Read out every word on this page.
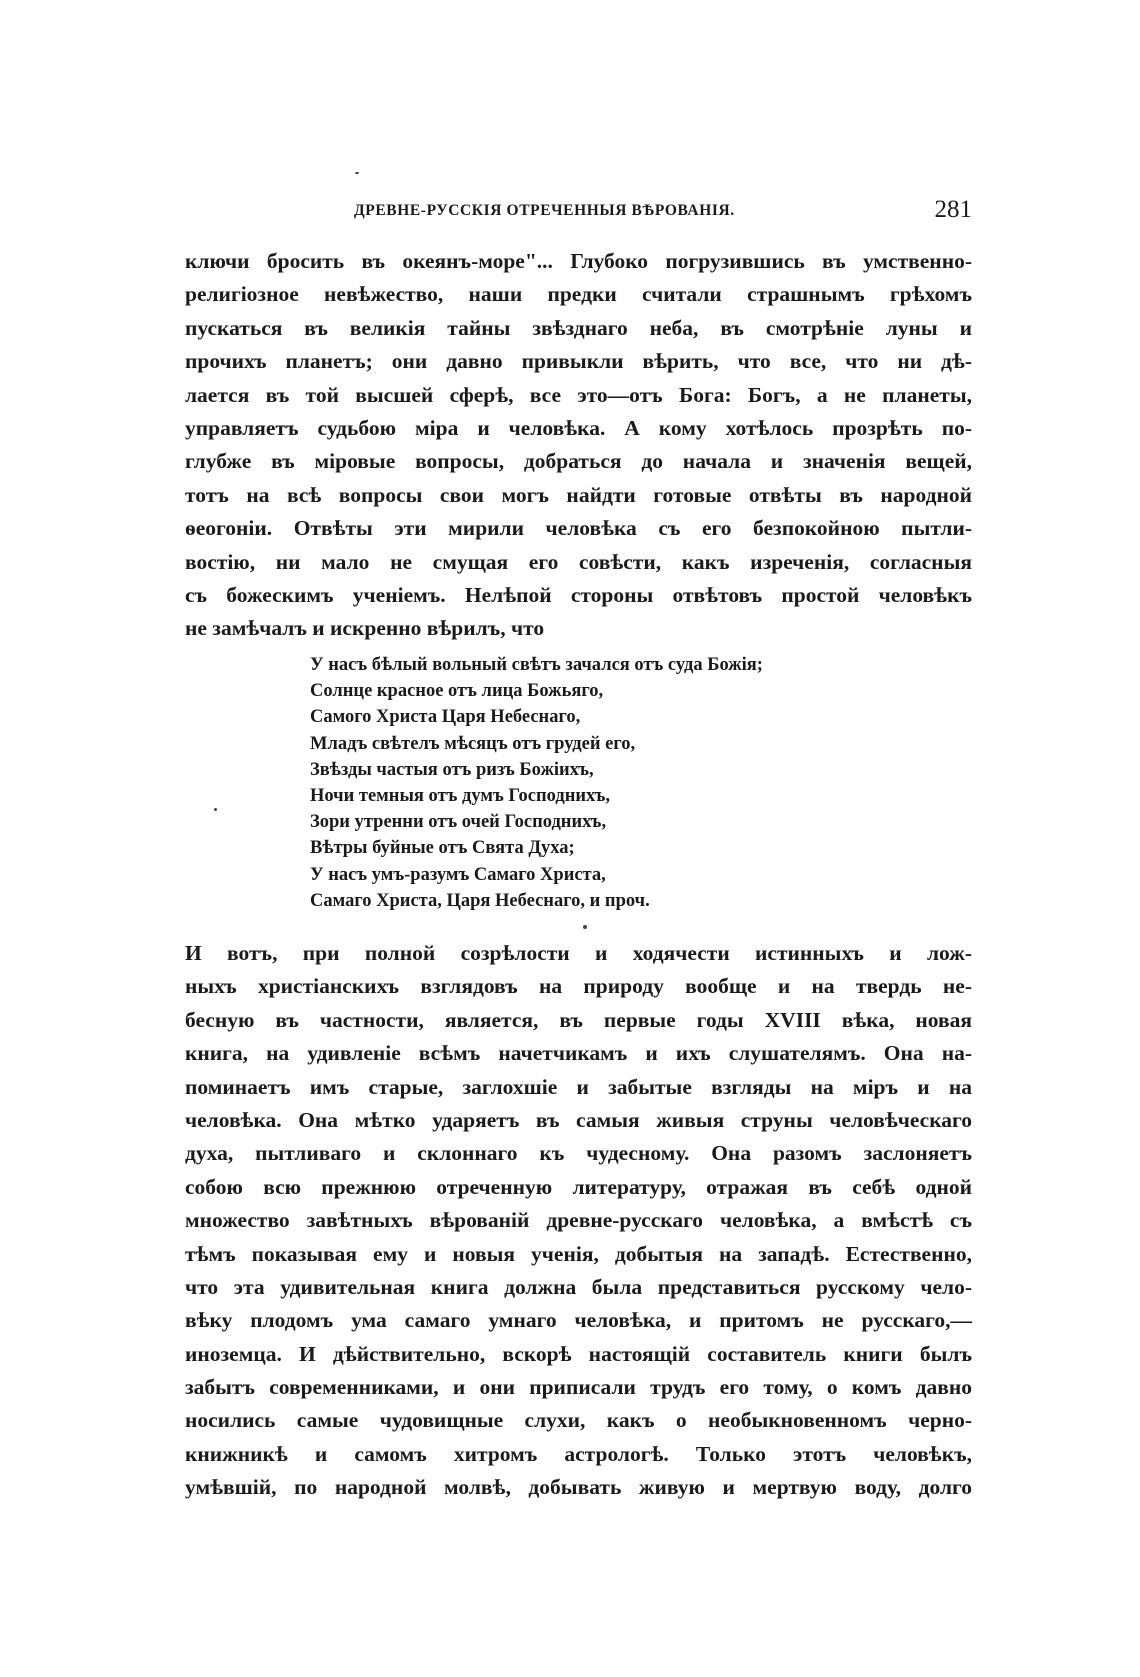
ДРЕВНЕ-РУССКІЯ ОТРЕЧЕННЫЯ ВѢРОВАНІЯ.	281
ключи бросить въ океянъ-море"... Глубоко погрузившись въ умственно-
религіозное невѣжество, наши предки считали страшнымъ грѣхомъ
пускаться въ великія тайны звѣзднаго неба, въ смотрѣніе луны и
прочихъ планетъ; они давно привыкли вѣрить, что все, что ни дѣ-
лается въ той высшей сферѣ, все это—отъ Бога: Богъ, а не планеты,
управляетъ судьбою міра и человѣка. А кому хотѣлось прозрѣть по-
глубже въ міровые вопросы, добраться до начала и значенія вещей,
тотъ на всѣ вопросы свои могъ найдти готовые отвѣты въ народной
ѳеогоніи. Отвѣты эти мирили человѣка съ его безпокойною пытли-
востію, ни мало не смущая его совѣсти, какъ изреченія, согласныя
съ божескимъ ученіемъ. Нелѣпой стороны отвѣтовъ простой человѣкъ
не замѣчалъ и искренно вѣрилъ, что
У насъ бѣлый вольный свѣтъ зачался отъ суда Божія;
Солнце красное отъ лица Божьяго,
Самого Христа Царя Небеснаго,
Младъ свѣтелъ мѣсяцъ отъ грудей его,
Звѣзды частыя отъ ризъ Божіихъ,
Ночи темныя отъ думъ Господнихъ,
Зори утренни отъ очей Господнихъ,
Вѣтры буйные отъ Свята Духа;
У насъ умъ-разумъ Самаго Христа,
Самаго Христа, Царя Небеснаго, и проч.
И вотъ, при полной созрѣлости и ходячести истинныхъ и лож-
ныхъ христіанскихъ взглядовъ на природу вообще и на твердь не-
бесную въ частности, является, въ первые годы XVIII вѣка, новая
книга, на удивленіе всѣмъ начетчикамъ и ихъ слушателямъ. Она на-
поминаетъ имъ старые, заглохшіе и забытые взгляды на міръ и на
человѣка. Она мѣтко ударяетъ въ самыя живыя струны человѣческаго
духа, пытливаго и склоннаго къ чудесному. Она разомъ заслоняетъ
собою всю прежнюю отреченную литературу, отражая въ себѣ одной
множество завѣтныхъ вѣрованій древне-русскаго человѣка, а вмѣстѣ съ
тѣмъ показывая ему и новыя ученія, добытыя на западѣ. Естественно,
что эта удивительная книга должна была представиться русскому чело-
вѣку плодомъ ума самаго умнаго человѣка, и притомъ не русскаго,—
иноземца. И дѣйствительно, вскорѣ настоящій составитель книги былъ
забытъ современниками, и они приписали трудъ его тому, о комъ давно
носились самые чудовищные слухи, какъ о необыкновенномъ черно-
книжникѣ и самомъ хитромъ астрологѣ. Только этотъ человѣкъ,
умѣвшій, по народной молвѣ, добывать живую и мертвую воду, долго
